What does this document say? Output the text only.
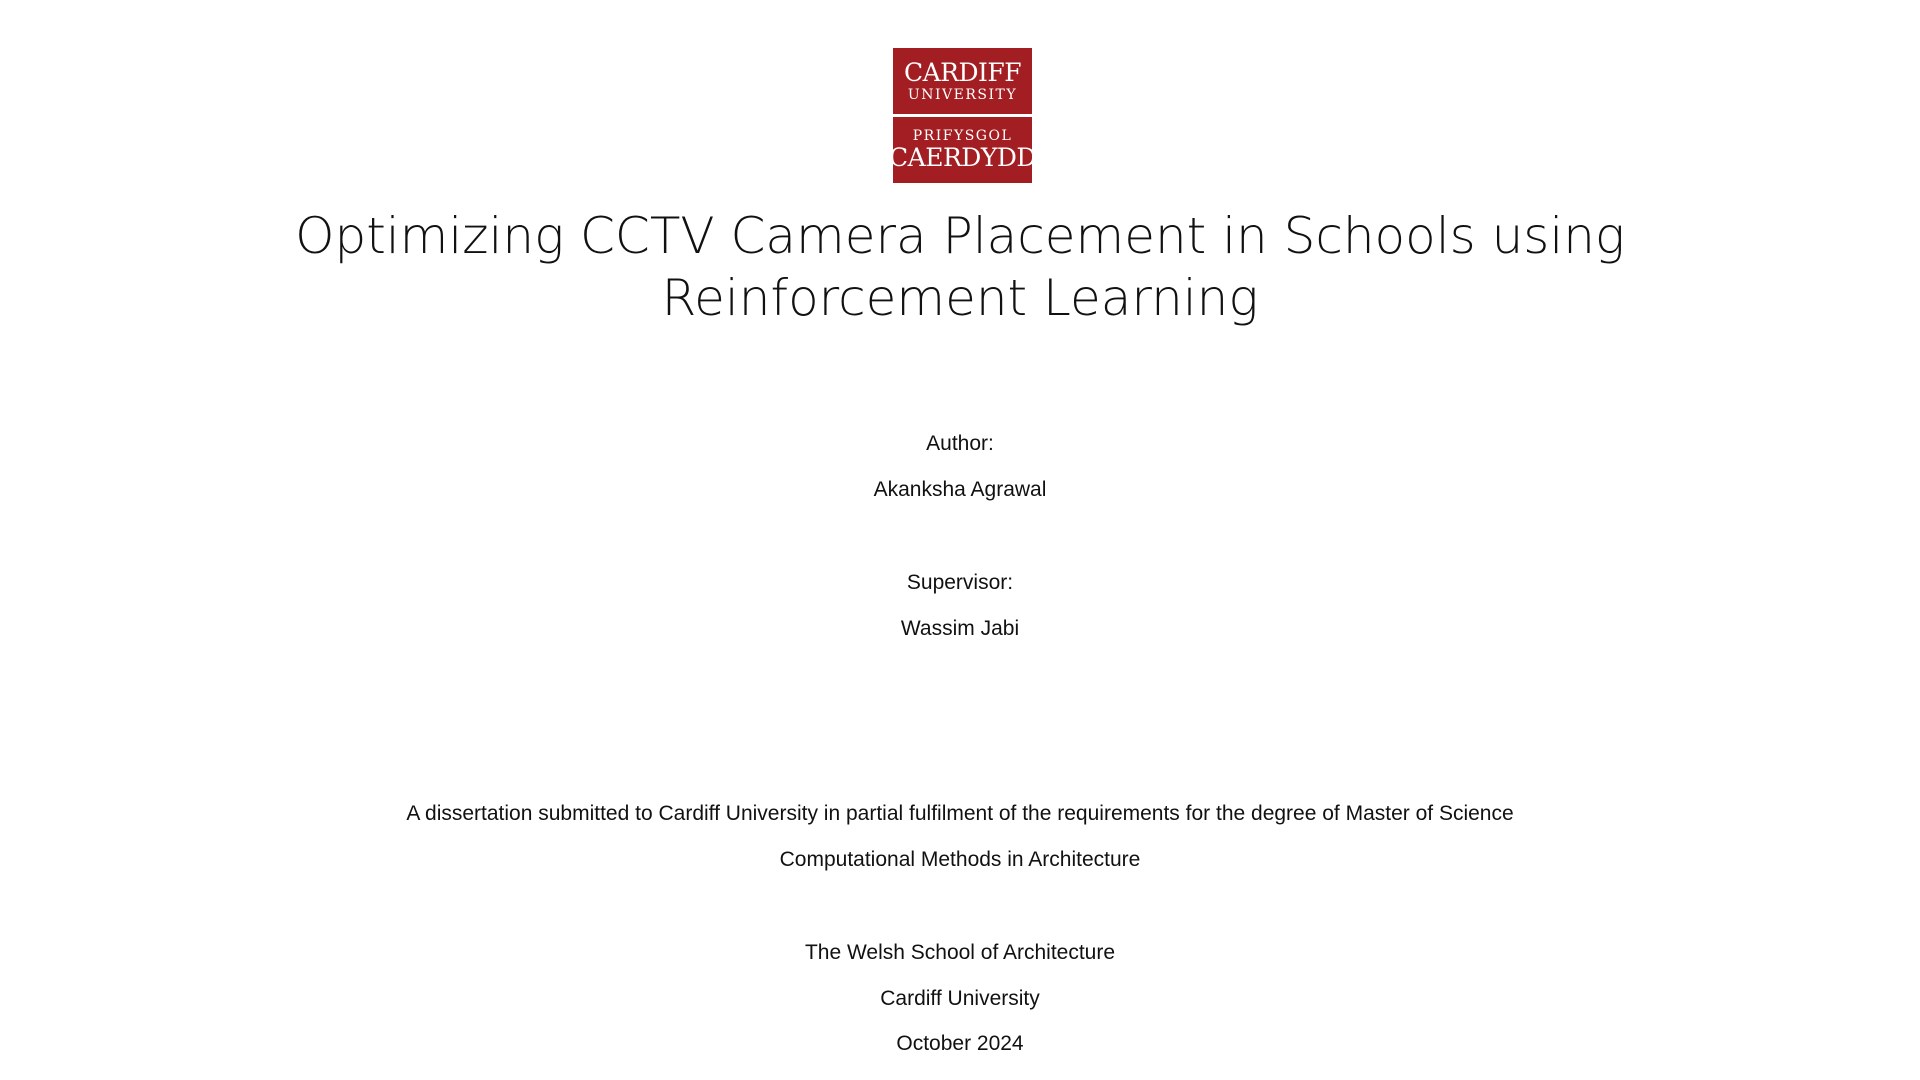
CARDIFF
UNIVERSITY
PRIFYSGOL
CAERDYDD
Optimizing CCTV Camera Placement in Schools using
Reinforcement Learning
Author:
Akanksha Agrawal
Supervisor:
Wassim Jabi
A dissertation submitted to Cardiff University in partial fulfilment of the requirements for the degree of Master of Science
Computational Methods in Architecture
The Welsh School of Architecture
Cardiff University
October 2024
